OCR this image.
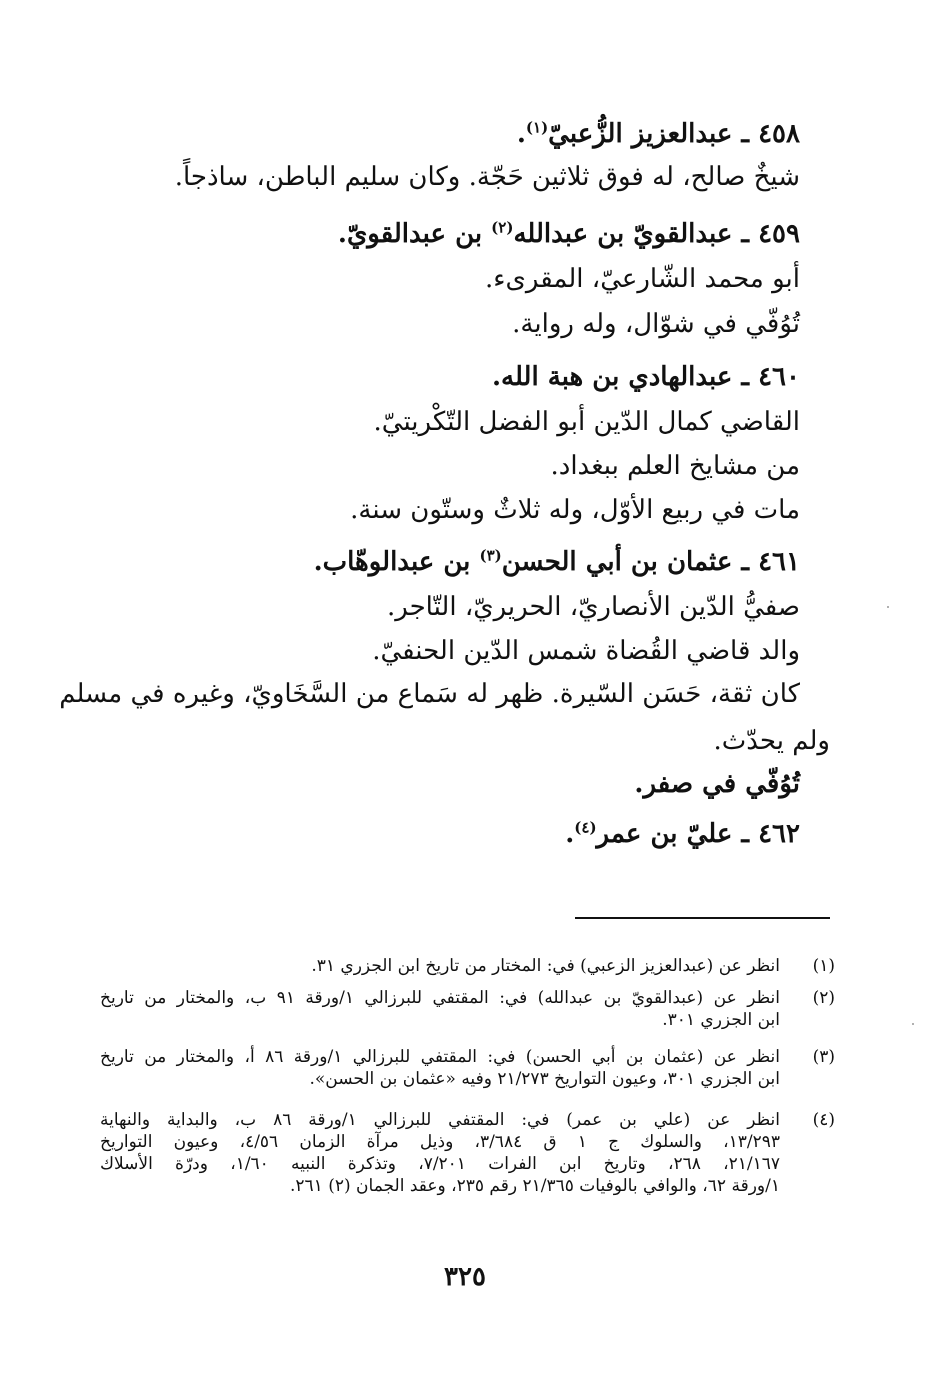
٤٥٨ ـ عبدالعزيز الزُّعبيّ$^{(١)}$.
شيخٌ صالح، له فوق ثلاثين حَجّة. وكان سليم الباطن، ساذجاً.
٤٥٩ ـ عبدالقويّ بن عبدالله$^{(٢)}$ بن عبدالقويّ.
أبو محمد الشّارعيّ، المقرىء.
تُوُفّي في شوّال، وله رواية.
٤٦٠ ـ عبدالهادي بن هبة الله.
القاضي كمال الدّين أبو الفضل التّكْريتيّ.
من مشايخ العلم ببغداد.
مات في ربيع الأوّل، وله ثلاثٌ وستّون سنة.
٤٦١ ـ عثمان بن أبي الحسن$^{(٣)}$ بن عبدالوهّاب.
صفيُّ الدّين الأنصاريّ، الحريريّ، التّاجر.
والد قاضي القُضاة شمس الدّين الحنفيّ.
كان ثقة، حَسَن السّيرة. ظهر له سَماع من السَّخَاويّ، وغيره في مسلم
ولم يحدّث.
تُوُفّي في صفر.
٤٦٢ ـ عليّ بن عمر$^{(٤)}$.
(١)
انظر عن (عبدالعزيز الزعبي) في: المختار من تاريخ ابن الجزري ٣١.
(٢)
انظر عن (عبدالقويّ بن عبدالله) في: المقتفي للبرزالي ١/ورقة ٩١ ب، والمختار من تاريخ
ابن الجزري ٣٠١.
(٣)
انظر عن (عثمان بن أبي الحسن) في: المقتفي للبرزالي ١/ورقة ٨٦ أ، والمختار من تاريخ
ابن الجزري ٣٠١، وعيون التواريخ ٢١/٢٧٣ وفيه «عثمان بن الحسن».
(٤)
انظر عن (علي بن عمر) في: المقتفي للبرزالي ١/ورقة ٨٦ ب، والبداية والنهاية
١٣/٢٩٣، والسلوك ج ١ ق ٣/٦٨٤، وذيل مرآة الزمان ٤/٥٦، وعيون التواريخ
٢١/١٦٧، ٢٦٨، وتاريخ ابن الفرات ٧/٢٠١، وتذكرة النبيه ١/٦٠، ودرّة الأسلاك
١/ورقة ٦٢، والوافي بالوفيات ٢١/٣٦٥ رقم ٢٣٥، وعقد الجمان (٢) ٢٦١.
٣٢٥
